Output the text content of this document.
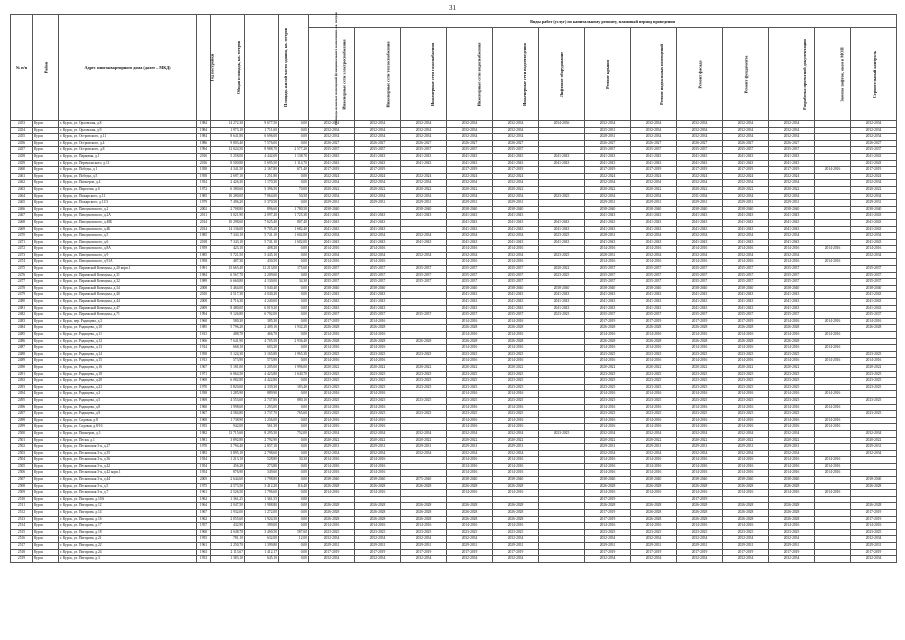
31
№ п/п	Район	Адрес многоквартирного дома (далее – МКД)	Год постройки	Общая площадь, кв. метров	Площадь жилой части здания, кв. метров	Площадь нежилых помещений функционального назначения, кв. метров	Виды работ (услуг) по капитальному ремонту, плановый период проведения												
							Инженерные сети электроснабжения	Инженерные сети теплоснабжения	Инженерные сети газоснабжения	Инженерные сети водоснабжения	Инженерные сети водоотведения	Лифтовое оборудование	Ремонт крыши	Ремонт подвальных помещений	Ремонт фасада	Ремонт фундамента	Разработка проектной документации	Замена лифтов, окон в МОП	Строительный контроль
2453	Курск	г. Курск, ул. Орловская, д.8	1984	14 272,30	9 677,50	0,00	2032-2034	2032-2034	2032-2034	2032-2034	2032-2034	2034-2036	2032-2034	2032-2034	2032-2034	2032-2034	2032-2034		2032-2034
2454	Курск	г. Курск, ул. Орловская, д.9	1984	1 973,10	1 711,60	0,00	2032-2034	2032-2034	2032-2034	2032-2034	2032-2034		2025-2031	2032-2034	2032-2034	2032-2034	2032-2034		2032-2034
2455	Курск	г. Курск, ул. Островского, д.11	1984	8 641,80	6 696,00	0,00	2032-2034	2032-2034	2032-2034	2032-2034	2032-2034		2028-2031	2032-2034	2032-2034	2032-2034	2032-2034		2032-2034
2456	Курск	г. Курск, ул. Островского, д.4	1986	9 803,40	7 576,00	0,00	2026-2027	2026-2027	2026-2027	2026-2027	2026-2027		2026-2027	2026-2027	2026-2027	2026-2027	2026-2027		2026-2027
2457	Курск	г. Курск, ул. Островского, д.8	1994	12 024,50	8 988,70	2 577,20	2035-2037	2035-2037	2035-2037	2035-2037	2035-2037		2035-2037	2035-2037	2035-2037	2035-2037	2035-2037		2035-2037
2458	Курск	г. Курск, ул. Парковая, д.1	2016	5 258,00	4 442,00	1 138,70	2041-2043	2041-2043	2041-2043	2041-2043	2041-2043	2041-2043	2041-2043	2041-2043	2041-2043	2041-2043	2041-2043		2041-2043
2459	Курск	г. Курск, ул. Перекальского, д.11	2016	8 500,80	5 695,50	1 114,70	2041-2043	2041-2043	2041-2043	2041-2043	2041-2043	2041-2043	2041-2043	2041-2043	2041-2043	2041-2043	2041-2043		2041-2043
2460	Курск	г. Курск, ул. Победы, д.1	1958	4 341,50	2 167,80	671,40	2017-2019	2017-2019		2017-2019	2017-2019		2017-2019	2017-2019	2017-2019	2017-2019	2017-2019	2014-2016	2017-2019
2461	Курск	г. Курск, ул. Победы, д.5	1958	2 697,10	1 251,80	0,00	2022-2024	2022-2024	2022-2024	2022-2024	2022-2024		2022-2024	2022-2024	2022-2024	2022-2024	2022-2024		2022-2024
2462	Курск	г. Курск, ул. Пионеров, д.4	1954	2 426,30	1 170,30	0,00	2032-2034	2032-2034	2032-2034	2032-2034	2032-2034		2032-2034	2032-2034	2032-2034	2032-2034	2032-2034		2032-2034
2463	Курск	г. Курск, ул. Пирогова, д.6	1972	6 380,60	5 396,50	70,00	2020-2022	2020-2022	2020-2022	2020-2022	2020-2022		2020-2022	2020-2022	2020-2022	2020-2022	2020-2022		2020-2022
2464	Курск	г. Курск, ул. Пожарского, д.11	1985	10 280,00	7 864,00	50,50	2032-2034	2032-2034	2032-2034	2032-2034	2032-2034	2023-2025	2032-2034	2032-2034	2011-2034	2032-2034	2032-2034		2032-2034
2465	Курск	г. Курск, ул. Пожарского, д.11/3	1979	7 496,20	5 370,50	0,00	2029-2031	2029-2031	2029-2031	2029-2031	2029-2031		2029-2031	2029-2031	2029-2031	2029-2031	2029-2031		2029-2031
2466	Курск	г. Курск, ул. Павлуновского, д.2	2002	2 708,80	896,60	1 780,50	2038-2040		2038-2040	2038-2040	2038-2040		2038-2040	2038-2040	2038-2040	2038-2040	2038-2040		2038-2040
2467	Курск	г. Курск, ул. Павлуновского, д.2А	2011	3 021,90	2 097,20	1 725,30	2041-2043	2041-2043	2041-2043	2041-2043	2041-2043		2041-2043	2041-2043	2041-2043	2041-2043	2041-2043		2041-2043
2468	Курск	г. Курск, ул. Павлуновского, д.48Б	2014	10 298,60	7 625,40	807,40	2041-2043	2041-2043		2041-2043	2041-2043	2041-2043	2041-2043	2041-2043	2041-2043	2041-2043	2041-2043		2041-2043
2469	Курск	г. Курск, ул. Павлуновского, д.4Б	2014	14 136,00	9 705,20	1 682,40	2041-2043	2041-2043		2041-2043	2041-2043	2041-2043	2041-2043	2041-2043	2041-2043	2041-2043	2041-2043		2041-2043
2470	Курск	г. Курск, ул. Павлуновского, д.5	1985	7 343,10	5 741,10	1 602,00	2032-2034	2032-2034	2032-2034	2032-2034	2032-2034	2023-2025	2028-2031	2032-2034	2032-2034	2032-2034	2032-2034		2032-2034
2471	Курск	г. Курск, ул. Павлуновского, д.6	2018	7 343,10	5 741,10	1 602,00	2041-2043	2041-2043	2041-2043	2041-2043	2041-2043	2041-2043	2041-2043	2041-2043	2041-2043	2041-2043	2041-2043		2041-2043
2472	Курск	г. Курск, ул. Павлуновского, д.8А	1959	423,10	408,20	0,00	2014-2016	2014-2016		2014-2016	2014-2016		2014-2016	2014-2016	2014-2016	2014-2016	2014-2016	2014-2016	2014-2016
2473	Курск	г. Курск, ул. Павлуновского, д.9	1985	5 721,50	5 445,10	0,00	2032-2034	2032-2034	2032-2034	2032-2034	2032-2034	2023-2025	2028-2031	2032-2034	2032-2034	2032-2034	2032-2034		2032-2034
2474	Курск	г. Курск, ул. Павлуновского, д.91А	1958	487,30	430,50	0,00	2014-2016	2014-2016		2014-2016	2014-2016		2014-2016	2014-2016	2014-2016	2014-2016	2014-2016	2014-2016	
2475	Курск	г. Курск, ул. Парижской Коммуны, д.20 корп.1	1991	15 665,40	12 213,00	175,60	2035-2037	2035-2037	2035-2037	2035-2037	2035-2037	2020-2022	2035-2037	2035-2037	2035-2037	2035-2037	2035-2037		2035-2037
2476	Курск	г. Курск, ул. Парижской Коммуны, д.31	1984	6 567,70	2 209,60	0,00	2035-2037	2035-2037	2035-2037	2035-2037	2035-2037	2023-2025	2035-2037	2035-2037	2035-2037	2035-2037	2035-2037		2035-2037
2477	Курск	г. Курск, ул. Парижской Коммуны, д.32	1989	6 660,80	4 130,00	34,30	2035-2037	2035-2037	2035-2037	2035-2037	2035-2037		2035-2037	2035-2037	2035-2037	2035-2037	2035-2037		2035-2037
2478	Курск	г. Курск, ул. Парижской Коммуны, д.34	2008	5 464,00	5 040,40	0,00	2038-2040	2038-2040		2038-2040	2038-2040	2038-2040	2038-2040	2038-2040	2038-2040	2038-2040	2038-2040		2038-2040
2479	Курск	г. Курск, ул. Парижской Коммуны, д.40	2010	4 517,30	4 040,20	0,00	2041-2043	2041-2043		2041-2043	2041-2043	2041-2043	2041-2043	2041-2043	2041-2043	2041-2043	2041-2043		2041-2043
2480	Курск	г. Курск, ул. Парижской Коммуны, д.44	2008	4 716,30	4 240,00	0,00	2041-2043	2041-2043		2041-2043	2041-2043	2041-2043	2041-2043	2041-2043	2041-2043	2041-2043	2041-2043		2041-2043
2481	Курск	г. Курск, ул. Парижской Коммуны, д.47	2009	8 480,00	6 019,20	0,00	2041-2043	2041-2043		2041-2043	2041-2043	2041-2043	2041-2043	2041-2043	2041-2043	2041-2043	2041-2043		2041-2043
2482	Курск	г. Курск, ул. Парижской Коммуны, д.71	1994	9 126,80	6 702,00	0,00	2035-2037	2035-2037	2035-2037	2035-2037	2035-2037	2023-2025	2035-2037	2035-2037	2035-2037	2035-2037	2035-2037		2035-2037
2483	Курск	г. Курск, пер. Радищева, д.3	1960	580,30	385,30	0,00	2017-2019	2014-2016		2014-2016	2014-2016		2017-2019	2017-2019	2017-2019	2017-2019	2014-2016	2014-2016	2014-2016
2484	Курск	г. Курск, ул. Радищева, д.10	1985	5 796,20	2 409,10	1 932,20	2026-2028	2026-2028		2026-2028	2026-2028		2026-2028	2026-2028	2026-2028	2026-2028	2026-2028		2026-2028
2485	Курск	г. Курск, ул. Радищева, д.11	1913	488,70	466,70	0,00	2014-2016	2014-2016		2014-2016	2014-2016		2014-2016	2014-2016	2014-2016	2014-2016	2014-2016	2014-2016	
2486	Курск	г. Курск, ул. Радищева, д.12	1966	7 641,90	4 705,50	2 936,40	2026-2028	2026-2028	2026-2028	2026-2028	2026-2028		2026-2028	2026-2028	2026-2028	2026-2028	2026-2028		
2487	Курск	г. Курск, ул. Радищева, д.13	1914	668,10	603,30	0,00	2014-2016	2014-2016		2014-2016	2014-2016		2014-2016	2014-2016	2014-2016	2014-2016	2014-2016	2014-2016	
2488	Курск	г. Курск, ул. Радищева, д.14	1958	5 124,30	3 165,80	1 965,30	2023-2025	2023-2025	2023-2025	2023-2025	2023-2025		2023-2025	2023-2025	2023-2025	2023-2025	2023-2025		2023-2025
2489	Курск	г. Курск, ул. Радищева, д.15	1913	573,90	573,90	0,00	2014-2016	2014-2016		2014-2016	2014-2016		2014-2016	2014-2016	2014-2016	2014-2016	2014-2016	2014-2016	2014-2016
2490	Курск	г. Курск, ул. Радищева, д.16	1967	5 181,00	3 205,00	1 996,00	2020-2022	2020-2022	2020-2022	2020-2022	2020-2022		2020-2022	2020-2022	2020-2022	2020-2022	2020-2022		2020-2022
2491	Курск	г. Курск, ул. Радищева, д.18	1971	6 064,50	4 423,80	1 640,70	2023-2025	2023-2025	2023-2025	2023-2025	2023-2025		2023-2025	2023-2025	2023-2025	2023-2025	2023-2025		2023-2025
2492	Курск	г. Курск, ул. Радищева, д.20	1969	6 082,80	4 422,80	0,00	2023-2025	2023-2025	2023-2025	2023-2025	2023-2025		2023-2025	2023-2025	2023-2025	2023-2025	2023-2025		2023-2025
2493	Курск	г. Курск, ул. Радищева, д.22	1970	5 820,60	4 339,30	183,40	2023-2025	2023-2025	2023-2025	2023-2025	2023-2025		2023-2025	2023-2025	2023-2025	2023-2025	2023-2025		2023-2025
2494	Курск	г. Курск, ул. Радищева, д.3	1938	1 285,90	889,90	0,00	2014-2016	2014-2016		2014-2016	2014-2016		2014-2016	2014-2016	2014-2016	2014-2016	2014-2016	2014-2016	
2495	Курск	г. Курск, ул. Радищева, д.5	1969	4 553,60	2 737,80	880,10	2023-2025	2023-2025	2023-2025	2023-2025	2023-2025		2023-2025	2023-2025	2023-2025	2023-2025	2023-2025		2023-2025
2496	Курск	г. Курск, ул. Радищева, д.8	1960	1 998,60	1 293,00	0,00	2014-2016	2014-2016		2014-2016	2014-2016		2014-2016	2014-2016	2014-2016	2014-2016	2014-2016	2014-2016	
2497	Курск	г. Курск, ул. Радищева, д.9	1967	4 584,80	3 737,70	765,60	2023-2025	2023-2025	2023-2025	2023-2025	2023-2025		2023-2025	2023-2025	2023-2025	2023-2025	2023-2025		2023-2025
2498	Курск	г. Курск, ул. Садовая, д.8	1969	1 738,90	1 236,00	0,00	2014-2016	2014-2016		2014-2016	2014-2016		2014-2016	2014-2016	2014-2016	2014-2016	2014-2016	2014-2016	
2499	Курск	г. Курск, ул. Садовая, д.8/16	1955	942,00	561,30	0,00	2014-2016	2014-2016		2014-2016	2014-2016		2014-2016	2014-2016	2014-2016	2014-2016	2014-2016	2014-2016	
2500	Курск	г. Курск, ул. Пионеров, д.3	1982	13 715,60	8 295,50	752,00	2032-2034	2032-2034	2032-2034	2032-2034	2032-2034	2023-2025	2032-2034	2032-2034	2032-2034	2032-2034	2032-2034		2032-2034
2501	Курск	г. Курск, ул. Пески, д.1	1981	3 892,80	2 792,90	0,00	2020-2022	2020-2022	2020-2022	2020-2022	2020-2022		2020-2022	2020-2022	2020-2022	2020-2022	2020-2022		2020-2022
2502	Курск	г. Курск, ул. Песковская 3-я, д.27	1970	3 794,40	2 857,10	0,00	2029-2031	2029-2031	2029-2031	2029-2031	2029-2031		2029-2031	2029-2031	2029-2031	2029-2031	2029-2031		2029-2031
2503	Курск	г. Курск, ул. Песковская 3-я, д.35	1983	3 895,10	2 798,60	0,00	2032-2034	2032-2034	2032-2034	2032-2034	2032-2034		2032-2034	2032-2034	2032-2034	2032-2034	2032-2034		2032-2034
2504	Курск	г. Курск, ул. Песковская 3-я, д.36	1954	1 213,10	528,80	30,30	2014-2016	2014-2016		2014-2016	2014-2016		2014-2016	2014-2016	2014-2016	2014-2016	2014-2016	2014-2016	
2505	Курск	г. Курск, ул. Песковская 3-я, д.42	1954	456,20	273,80	0,00	2014-2016	2014-2016		2014-2016	2014-2016		2014-2016	2014-2016	2014-2016	2014-2016	2014-2016	2014-2016	
2506	Курск	г. Курск, ул. Песковская 3-я, д.42 корп.1	1954	876,90	349,60	0,00	2014-2016	2014-2016		2014-2016	2014-2016		2014-2016	2014-2016	2014-2016	2014-2016	2014-2016	2014-2016	
2507	Курск	г. Курск, ул. Песковская 3-я, д.44	2005	2 644,60	1 798,80	0,00	2038-2040	2038-2040	2075-2040	2038-2040	2038-2040		2038-2040	2038-2040	2038-2040	2038-2040	2038-2040		2038-2040
2508	Курск	г. Курск, ул. Песковская 3-я, д.5	1975	4 573,50	3 412,20	116,40	2026-2028	2026-2028	2026-2028	2026-2028	2026-2028		2026-2028	2026-2028	2026-2028	2026-2028	2026-2028		2026-2028
2509	Курск	г. Курск, ул. Песковская 3-я, д.7	1961	2 526,50	1 796,60	0,00	2014-2016	2014-2016		2014-2016	2014-2016		2014-2016	2014-2016	2014-2016	2014-2016	2014-2016	2014-2016	
2510	Курск	г. Курск, ул. Пигорова, д.10А	1962	1 361,25	1 361,55	0,00							2017-2019		2017-2019				
2511	Курск	г. Курск, ул. Пигорова, д.12	1964	2 047,50	1 988,80	0,00	2026-2028	2026-2028	2026-2028	2026-2028	2026-2028		2026-2028	2026-2028	2026-2028	2026-2028	2026-2028		2026-2028
2512	Курск	г. Курск, ул. Пигорова, д.14	1967	1 932,00	1 272,00	0,00	2026-2028	2026-2028	2026-2028	2026-2028	2026-2028		2017-2019	2026-2028	2026-2028	2026-2028	2026-2028		2017-2019
2513	Курск	г. Курск, ул. Пигорова, д.16	1962	2 055,60	1 924,50	0,00	2026-2028	2026-2028	2026-2028	2026-2028	2026-2028		2017-2019	2026-2028	2026-2028	2026-2028	2026-2028		2017-2019
2514	Курск	г. Курск, ул. Пигорова, д.17	1957	432,90	399,00	0,00	2014-2016	2014-2016	2014-2016	2014-2016	2014-2016		2014-2016	2014-2016	2014-2016	2014-2016	2014-2016		2014-2016
2515	Курск	г. Курск, ул. Пигорова, д.18	1960	4 048,70	3 400,50	587,60	2023-2025	2023-2025	2023-2025	2023-2025	2023-2025		2023-2025	2023-2025	2023-2025	2023-2025	2023-2025		2023-2025
2516	Курск	г. Курск, ул. Пигорова, д.21	1955	781,10	632,00	12,00	2032-2034	2032-2034	2032-2034	2032-2034	2032-2034		2032-2034	2032-2034	2032-2034	2032-2034	2032-2034		2032-2034
2517	Курск	г. Курск, ул. Пигорова, д.22	1961	2 250,70	1 399,80	0,00	2029-2031	2029-2031	2029-2031	2029-2031	2029-2031		2029-2031	2029-2031	2029-2031	2029-2031	2029-2031		2029-2031
2518	Курск	г. Курск, ул. Пигорова, д.24	1963	2 113,67	1 412,17	0,00	2017-2019	2017-2019	2017-2019	2017-2019	2017-2019		2017-2019	2017-2019	2017-2019	2017-2019	2017-2019		2017-2019
2519	Курск	г. Курск, ул. Пигорова, д.3	1953	1 383,10	645,10	0,00	2032-2034	2032-2034	2032-2034	2032-2034	2032-2034		2032-2034	2032-2034	2032-2034	2032-2034	2032-2034		2032-2034
